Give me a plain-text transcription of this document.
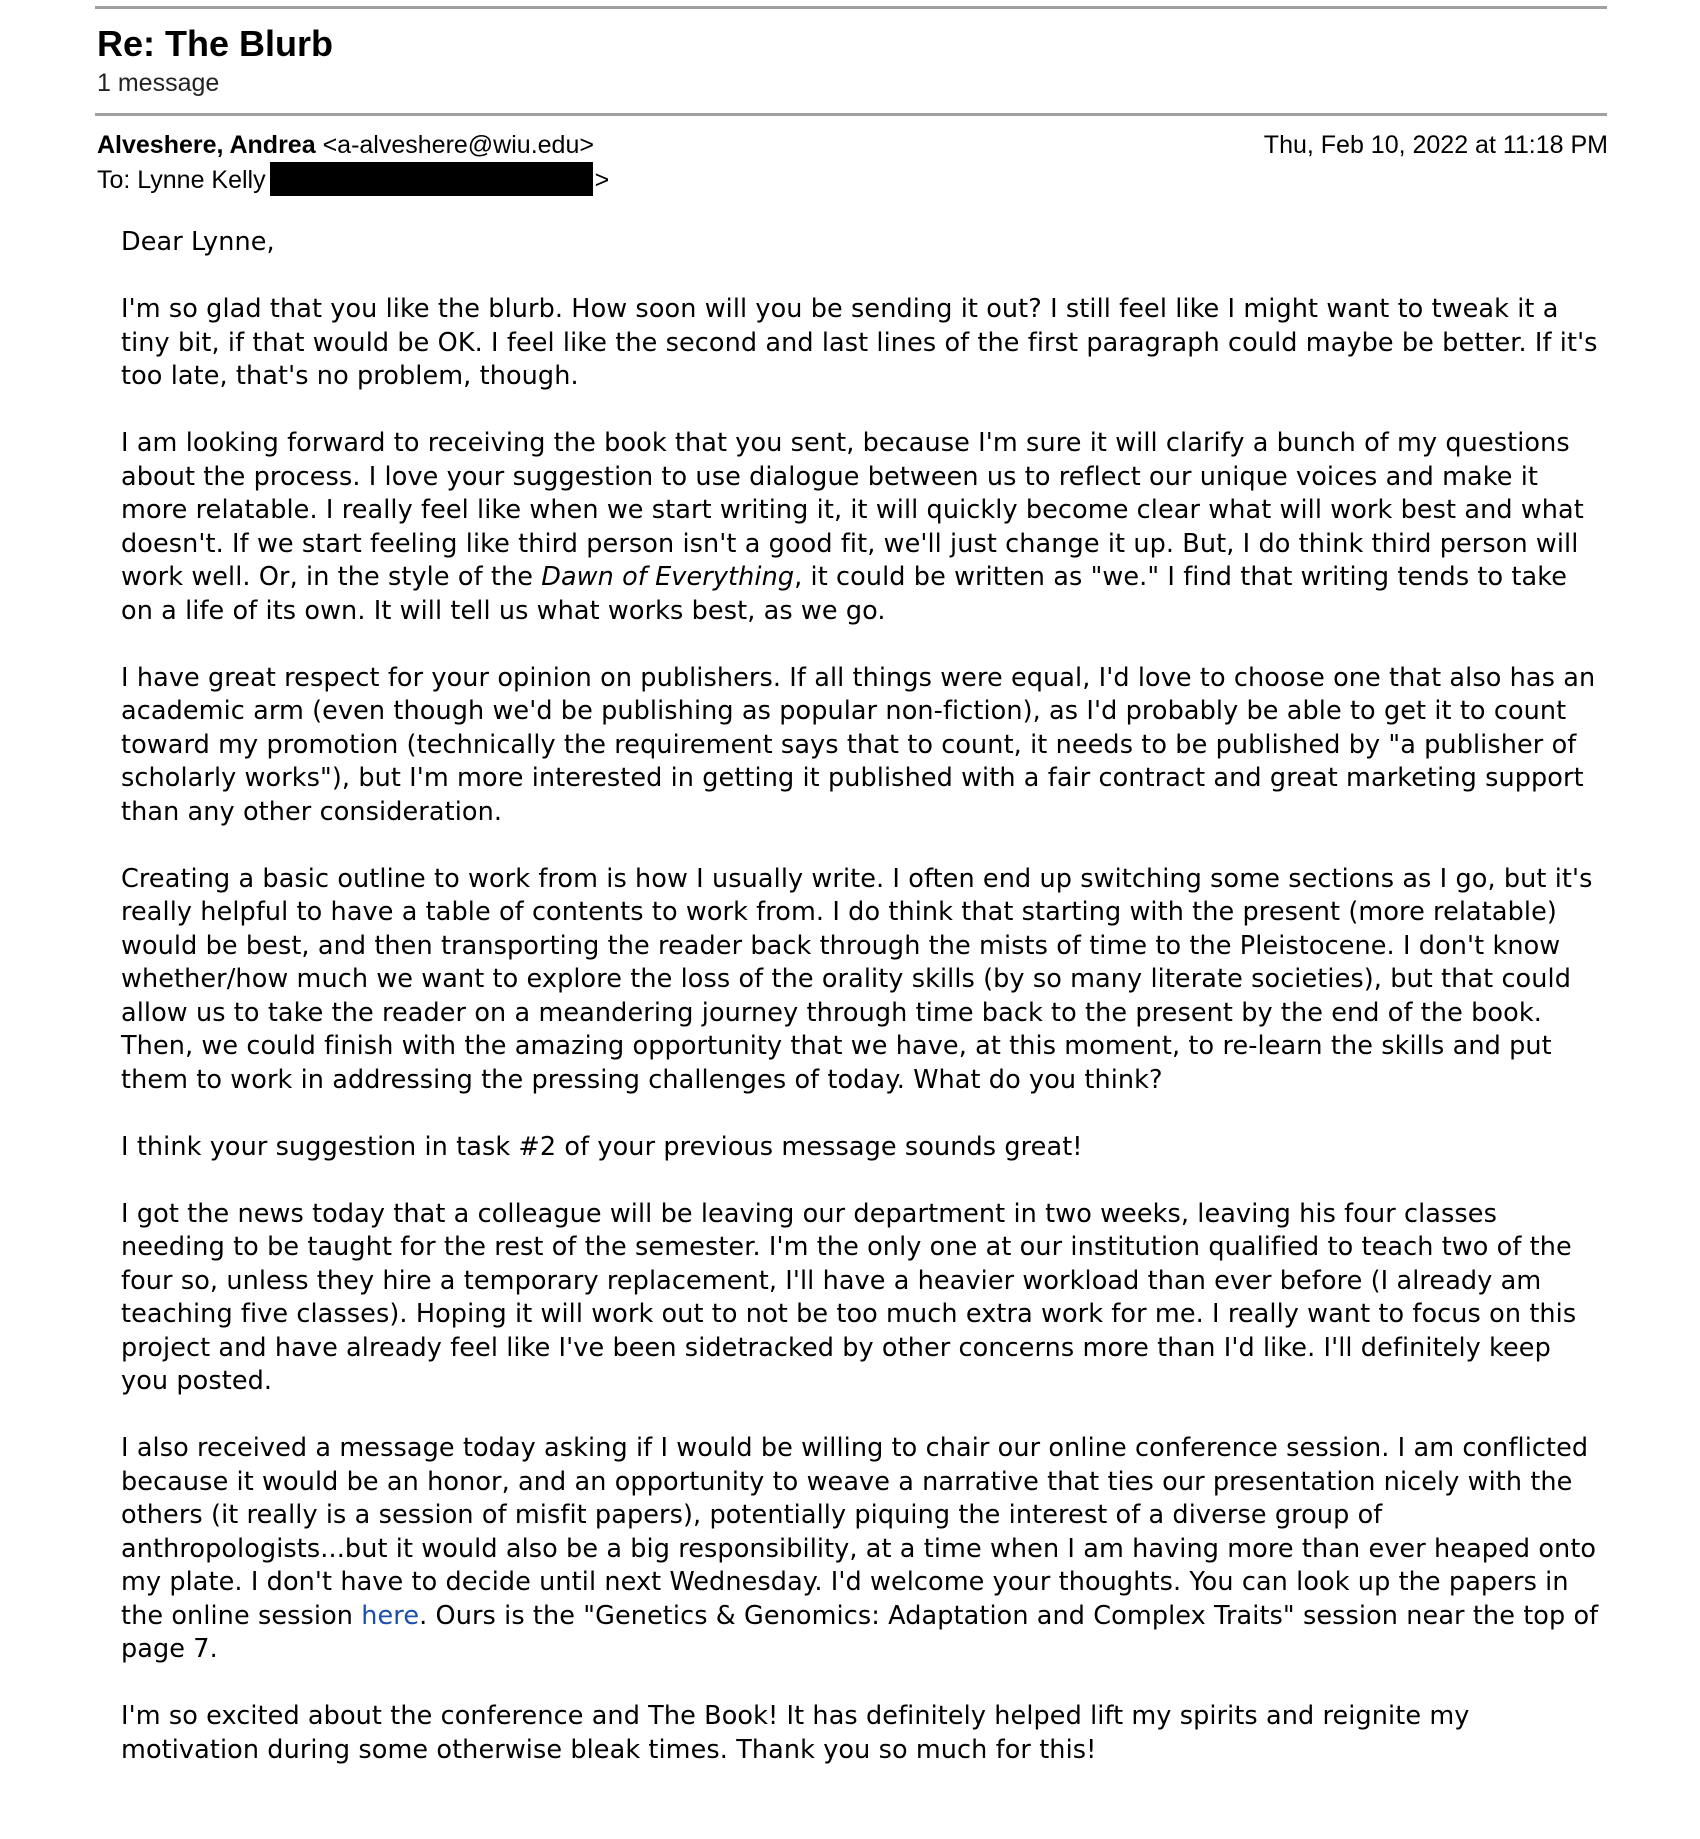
Re: The Blurb
1 message
Alveshere, Andrea <a-alveshere@wiu.edu>	Thu, Feb 10, 2022 at 11:18 PM
To: Lynne Kelly	>

Dear Lynne,

I'm so glad that you like the blurb. How soon will you be sending it out? I still feel like I might want to tweak it a tiny bit, if that would be OK. I feel like the second and last lines of the first paragraph could maybe be better. If it's too late, that's no problem, though.

I am looking forward to receiving the book that you sent, because I'm sure it will clarify a bunch of my questions about the process. I love your suggestion to use dialogue between us to reflect our unique voices and make it more relatable. I really feel like when we start writing it, it will quickly become clear what will work best and what doesn't. If we start feeling like third person isn't a good fit, we'll just change it up. But, I do think third person will work well. Or, in the style of the Dawn of Everything, it could be written as "we." I find that writing tends to take on a life of its own. It will tell us what works best, as we go.

I have great respect for your opinion on publishers. If all things were equal, I'd love to choose one that also has an academic arm (even though we'd be publishing as popular non-fiction), as I'd probably be able to get it to count toward my promotion (technically the requirement says that to count, it needs to be published by "a publisher of scholarly works"), but I'm more interested in getting it published with a fair contract and great marketing support than any other consideration.

Creating a basic outline to work from is how I usually write. I often end up switching some sections as I go, but it's really helpful to have a table of contents to work from. I do think that starting with the present (more relatable) would be best, and then transporting the reader back through the mists of time to the Pleistocene. I don't know whether/how much we want to explore the loss of the orality skills (by so many literate societies), but that could allow us to take the reader on a meandering journey through time back to the present by the end of the book. Then, we could finish with the amazing opportunity that we have, at this moment, to re-learn the skills and put them to work in addressing the pressing challenges of today. What do you think?

I think your suggestion in task #2 of your previous message sounds great!

I got the news today that a colleague will be leaving our department in two weeks, leaving his four classes needing to be taught for the rest of the semester. I'm the only one at our institution qualified to teach two of the four so, unless they hire a temporary replacement, I'll have a heavier workload than ever before (I already am teaching five classes). Hoping it will work out to not be too much extra work for me. I really want to focus on this project and have already feel like I've been sidetracked by other concerns more than I'd like. I'll definitely keep you posted.

I also received a message today asking if I would be willing to chair our online conference session. I am conflicted because it would be an honor, and an opportunity to weave a narrative that ties our presentation nicely with the others (it really is a session of misfit papers), potentially piquing the interest of a diverse group of anthropologists...but it would also be a big responsibility, at a time when I am having more than ever heaped onto my plate. I don't have to decide until next Wednesday. I'd welcome your thoughts. You can look up the papers in the online session here. Ours is the "Genetics & Genomics: Adaptation and Complex Traits" session near the top of page 7.

I'm so excited about the conference and The Book! It has definitely helped lift my spirits and reignite my motivation during some otherwise bleak times. Thank you so much for this!
